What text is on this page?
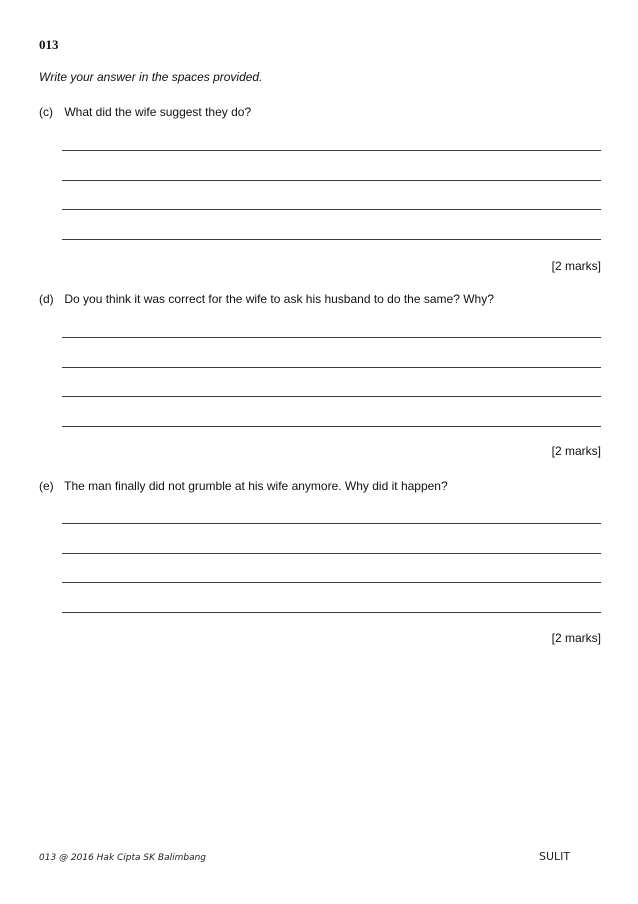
013
Write your answer in the spaces provided.
(c) What did the wife suggest they do?
[2 marks]
(d) Do you think it was correct for the wife to ask his husband to do the same? Why?
[2 marks]
(e) The man finally did not grumble at his wife anymore. Why did it happen?
[2 marks]
013 @ 2016 Hak Cipta SK Balimbang	SULIT
